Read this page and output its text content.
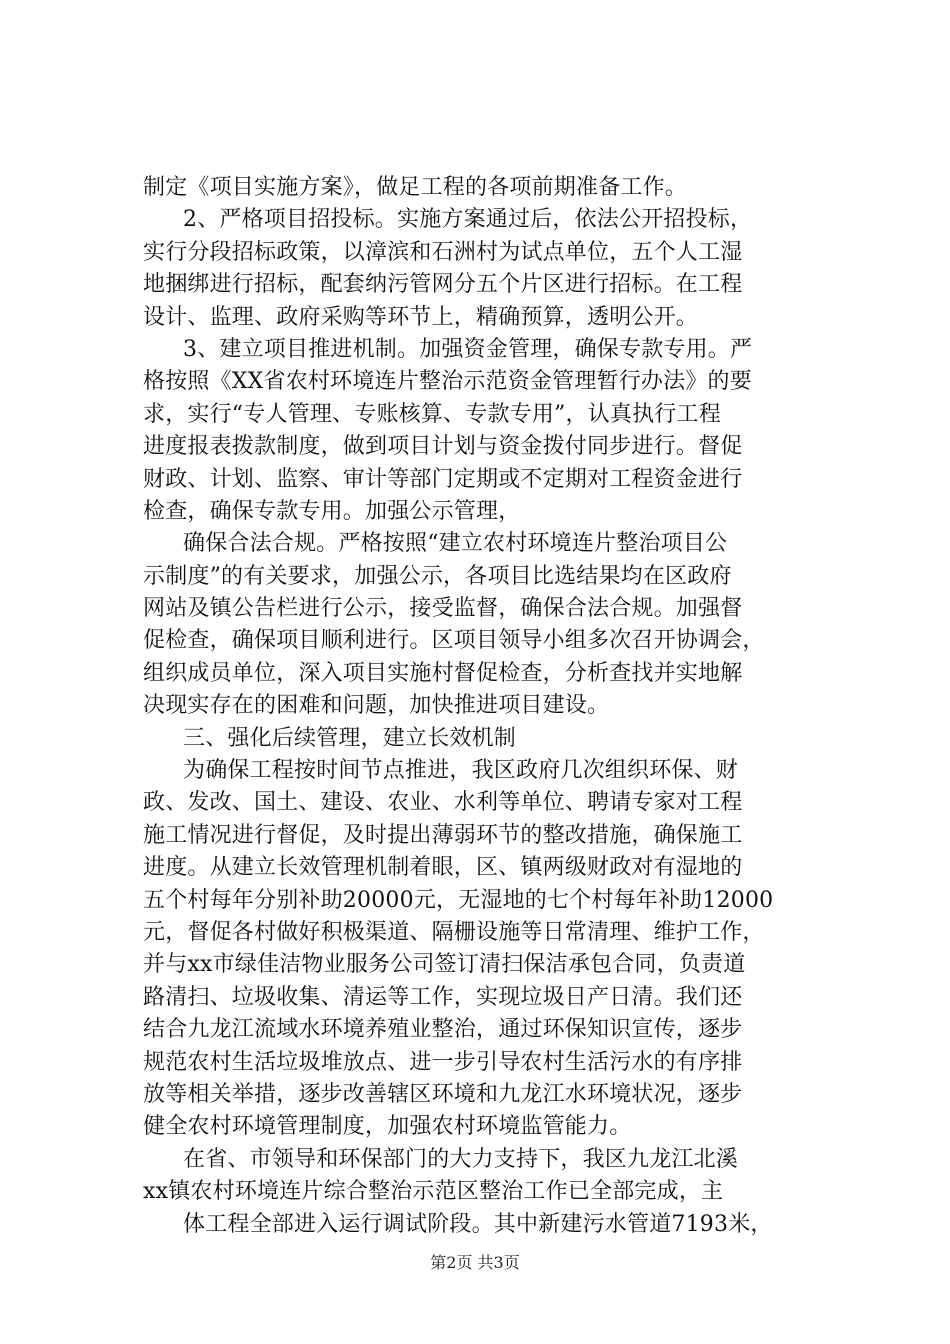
制定《项目实施方案》，做足工程的各项前期准备工作。
2、严格项目招投标。实施方案通过后，依法公开招投标，
实行分段招标政策，以漳滨和石洲村为试点单位，五个人工湿
地捆绑进行招标，配套纳污管网分五个片区进行招标。在工程
设计、监理、政府采购等环节上，精确预算，透明公开。
3、建立项目推进机制。加强资金管理，确保专款专用。严
格按照《XX省农村环境连片整治示范资金管理暂行办法》的要
求，实行“专人管理、专账核算、专款专用”，认真执行工程
进度报表拨款制度，做到项目计划与资金拨付同步进行。督促
财政、计划、监察、审计等部门定期或不定期对工程资金进行
检查，确保专款专用。加强公示管理，
确保合法合规。严格按照“建立农村环境连片整治项目公
示制度”的有关要求，加强公示，各项目比选结果均在区政府
网站及镇公告栏进行公示，接受监督，确保合法合规。加强督
促检查，确保项目顺利进行。区项目领导小组多次召开协调会，
组织成员单位，深入项目实施村督促检查，分析查找并实地解
决现实存在的困难和问题，加快推进项目建设。
三、强化后续管理，建立长效机制
为确保工程按时间节点推进，我区政府几次组织环保、财
政、发改、国土、建设、农业、水利等单位、聘请专家对工程
施工情况进行督促，及时提出薄弱环节的整改措施，确保施工
进度。从建立长效管理机制着眼，区、镇两级财政对有湿地的
五个村每年分别补助20000元，无湿地的七个村每年补助12000
元，督促各村做好积极渠道、隔栅设施等日常清理、维护工作，
并与xx市绿佳洁物业服务公司签订清扫保洁承包合同，负责道
路清扫、垃圾收集、清运等工作，实现垃圾日产日清。我们还
结合九龙江流域水环境养殖业整治，通过环保知识宣传，逐步
规范农村生活垃圾堆放点、进一步引导农村生活污水的有序排
放等相关举措，逐步改善辖区环境和九龙江水环境状况，逐步
健全农村环境管理制度，加强农村环境监管能力。
在省、市领导和环保部门的大力支持下，我区九龙江北溪
xx镇农村环境连片综合整治示范区整治工作已全部完成，主
体工程全部进入运行调试阶段。其中新建污水管道7193米，
第2页 共3页
